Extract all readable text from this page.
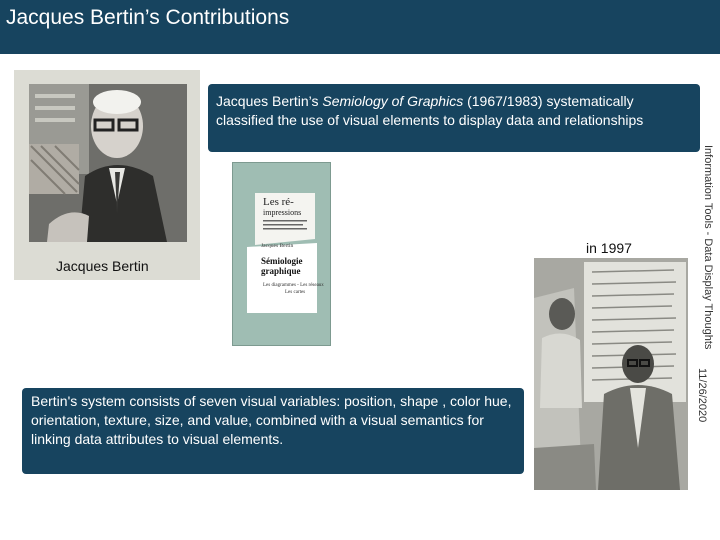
Jacques Bertin’s Contributions
Jacques Bertin
Les ré-
impressions
Jacques Bertin
Sémiologie
graphique
Les diagrammes - Les réseaux
Les cartes
Jacques Bertin’s Semiology of Graphics (1967/1983) systematically classified the use of visual elements to display data and relationships
in 1997
Bertin's system consists of seven visual variables: position, shape , color hue, orientation, texture, size, and value, combined with a visual semantics for linking data attributes to visual elements.
11/26/2020
Information Tools - Data Display Thoughts
